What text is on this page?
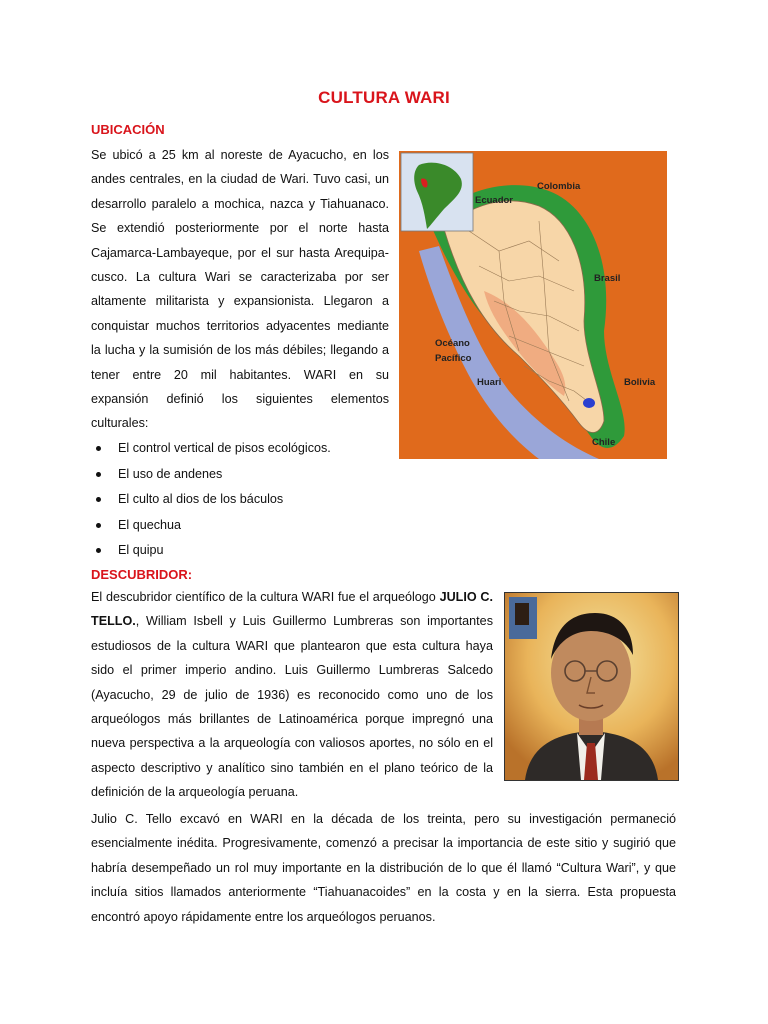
CULTURA WARI
UBICACIÓN
Se ubicó a 25 km al noreste de Ayacucho, en los
andes centrales, en la ciudad de Wari. Tuvo casi, un
desarrollo paralelo a mochica, nazca y Tiahuanaco.
Se extendió posteriormente por el norte hasta
Cajamarca-Lambayeque, por el sur hasta Arequipa-
cusco. La cultura Wari se caracterizaba por ser
altamente militarista y expansionista. Llegaron a
conquistar muchos territorios adyacentes mediante
la lucha y la sumisión de los más débiles; llegando a
tener entre 20 mil habitantes. WARI en su
expansión definió los siguientes elementos
culturales:
El control vertical de pisos ecológicos.
El uso de andenes
El culto al dios de los báculos
El quechua
El quipu
Colombia
Ecuador
Brasil
Océano
Pacífico
Huari	Bolivia
Chile
DESCUBRIDOR:
El descubridor científico de la cultura WARI fue el arqueólogo JULIO C.
TELLO., William Isbell y Luis Guillermo Lumbreras son importantes
estudiosos de la cultura WARI que plantearon que esta cultura haya
sido el primer imperio andino. Luis Guillermo Lumbreras Salcedo
(Ayacucho, 29 de julio de 1936) es reconocido como uno de los
arqueólogos más brillantes de Latinoamérica porque impregnó una
nueva perspectiva a la arqueología con valiosos aportes, no sólo en el
aspecto descriptivo y analítico sino también en el plano teórico de la
definición de la arqueología peruana.
Julio C. Tello excavó en WARI en la década de los treinta, pero su investigación permaneció
esencialmente inédita. Progresivamente, comenzó a precisar la importancia de este sitio y sugirió que
habría desempeñado un rol muy importante en la distribución de lo que él llamó “Cultura Wari”, y que
incluía sitios llamados anteriormente “Tiahuanacoides” en la costa y en la sierra. Esta propuesta
encontró apoyo rápidamente entre los arqueólogos peruanos.
